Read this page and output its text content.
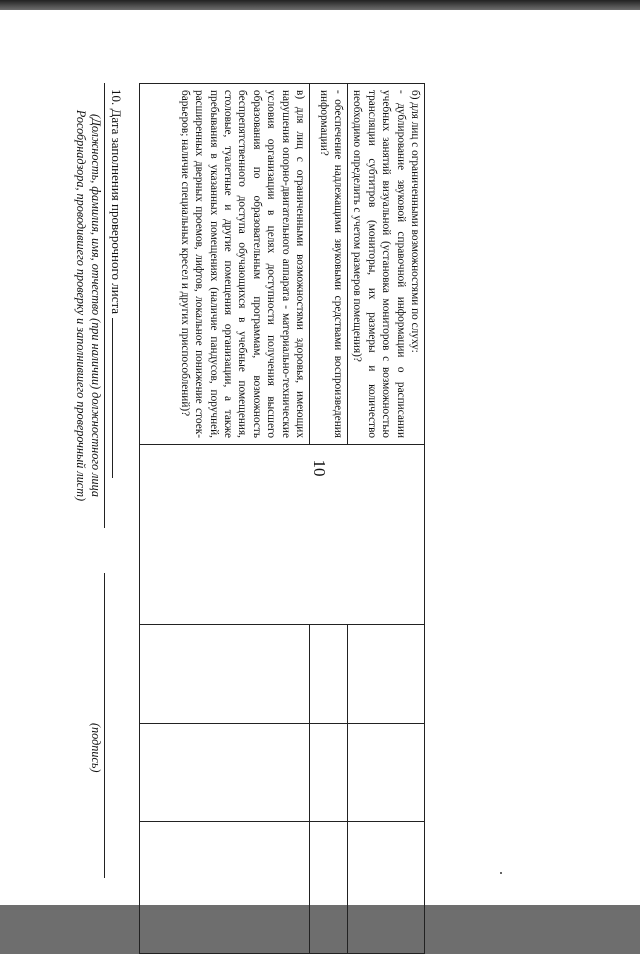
10
б) для лиц с ограниченными возможностями по слуху:
- дублирование звуковой справочной информации о расписании учебных занятий визуальной (установка мониторов с возможностью трансляции субтитров (мониторы, их размеры и количество необходимо определить с учетом размеров помещения)?				

- обеспечение надлежащими звуковыми средствами воспроизведения информации?				

в) для лиц с ограниченными возможностями здоровья, имеющих нарушения опорно-двигательного аппарата - материально-технические условия организации в целях доступности получения высшего образования по образовательным программам, возможность беспрепятственного доступа обучающихся в учебные помещения, столовые, туалетные и другие помещения организации, а также пребывания в указанных помещениях (наличие пандусов, поручней, расширенных дверных проемов, лифтов, локальное понижение стоек-барьеров; наличие специальных кресел и других приспособлений)?				

10. Дата заполнения проверочного листа
(Должность, фамилия, имя, отчество (при наличии) должностного лица Рособрнадзора, проводившего проверку и заполнившего проверочный лист)
(подпись)
